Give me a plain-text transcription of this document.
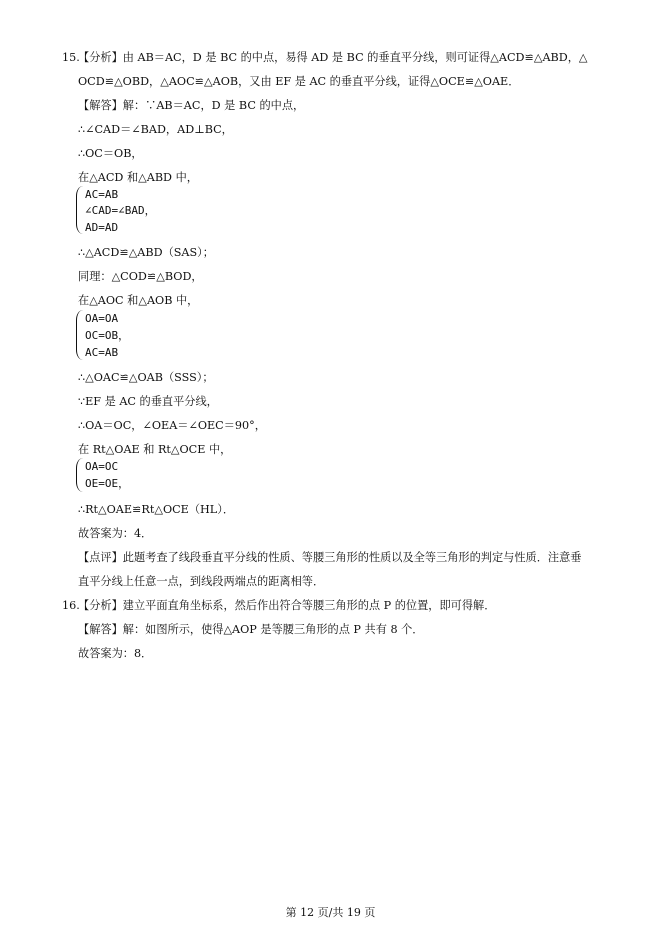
15.
【分析】由 AB＝AC，D 是 BC 的中点，易得 AD 是 BC 的垂直平分线，则可证得△ACD≌△ABD，△
OCD≌△OBD，△AOC≌△AOB，又由 EF 是 AC 的垂直平分线，证得△OCE≌△OAE．
【解答】解：∵AB＝AC，D 是 BC 的中点，
∴∠CAD＝∠BAD，AD⊥BC，
∴OC＝OB，
在△ACD 和△ABD 中，
AC=AB
∠CAD=∠BAD，
AD=AD
∴△ACD≌△ABD（SAS）；
同理：△COD≌△BOD，
在△AOC 和△AOB 中，
OA=OA
OC=OB，
AC=AB
∴△OAC≌△OAB（SSS）；
∵EF 是 AC 的垂直平分线，
∴OA＝OC，∠OEA＝∠OEC＝90°，
在 Rt△OAE 和 Rt△OCE 中，
OA=OC
OE=OE，
∴Rt△OAE≌Rt△OCE（HL）．
故答案为：4．
【点评】此题考查了线段垂直平分线的性质、等腰三角形的性质以及全等三角形的判定与性质．注意垂
直平分线上任意一点，到线段两端点的距离相等．
16.
【分析】建立平面直角坐标系，然后作出符合等腰三角形的点 P 的位置，即可得解．
【解答】解：如图所示，使得△AOP 是等腰三角形的点 P 共有 8 个．
故答案为：8．
第 12 页/共 19 页
